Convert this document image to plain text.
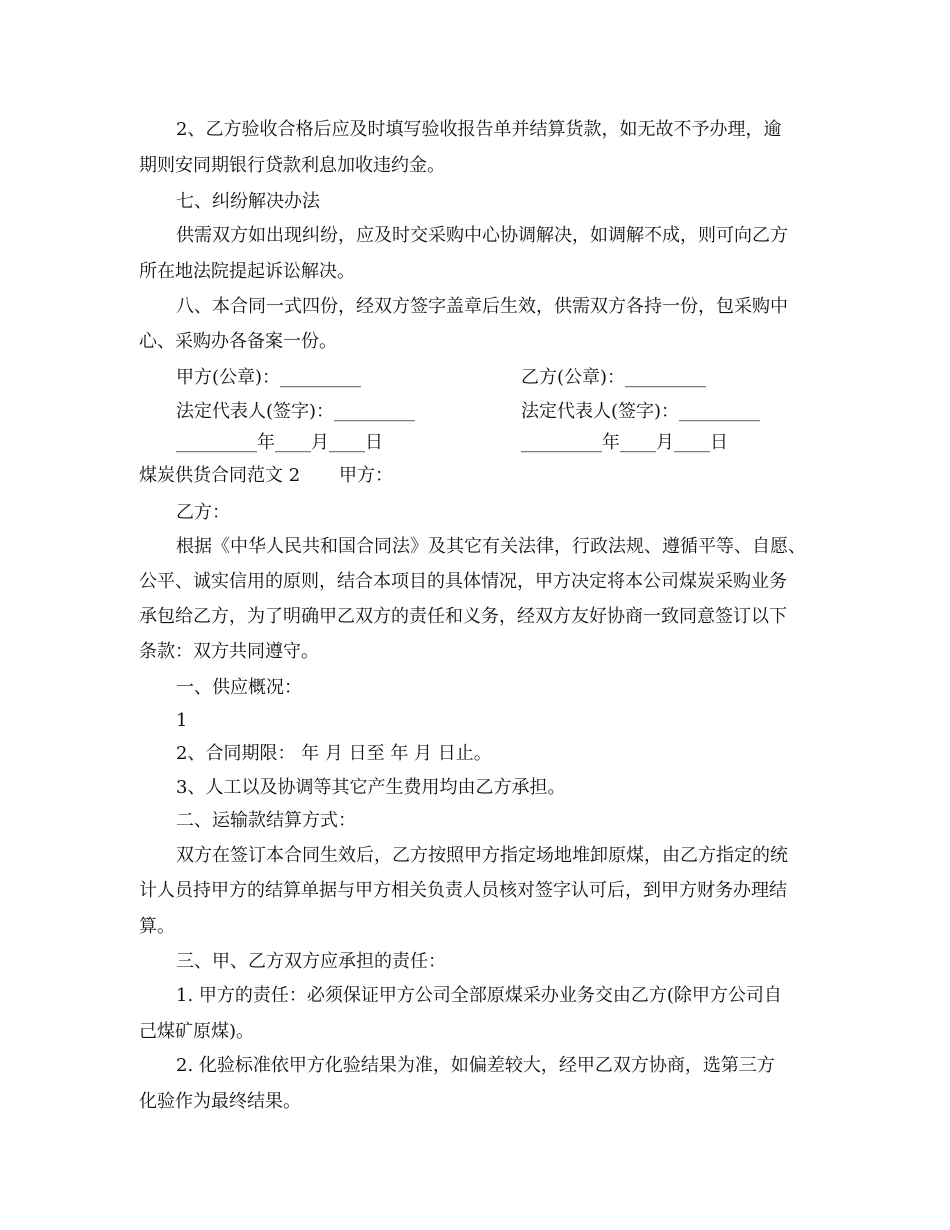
2、乙方验收合格后应及时填写验收报告单并结算货款，如无故不予办理，逾
期则安同期银行贷款利息加收违约金。
七、纠纷解决办法
供需双方如出现纠纷，应及时交采购中心协调解决，如调解不成，则可向乙方
所在地法院提起诉讼解决。
八、本合同一式四份，经双方签字盖章后生效，供需双方各持一份，包采购中
心、采购办各备案一份。
甲方(公章)：_________	乙方(公章)：_________
法定代表人(签字)：_________	法定代表人(签字)：_________
_________年____月____日	_________年____月____日
煤炭供货合同范文 2 甲方：
乙方：
根据《中华人民共和国合同法》及其它有关法律，行政法规、遵循平等、自愿、
公平、诚实信用的原则，结合本项目的具体情况，甲方决定将本公司煤炭采购业务
承包给乙方，为了明确甲乙双方的责任和义务，经双方友好协商一致同意签订以下
条款：双方共同遵守。
一、供应概况：
1
2、合同期限： 年 月 日至 年 月 日止。
3、人工以及协调等其它产生费用均由乙方承担。
二、运输款结算方式：
双方在签订本合同生效后，乙方按照甲方指定场地堆卸原煤，由乙方指定的统
计人员持甲方的结算单据与甲方相关负责人员核对签字认可后，到甲方财务办理结
算。
三、甲、乙方双方应承担的责任：
1. 甲方的责任：必须保证甲方公司全部原煤采办业务交由乙方(除甲方公司自
己煤矿原煤)。
2. 化验标准依甲方化验结果为准，如偏差较大，经甲乙双方协商，选第三方
化验作为最终结果。
